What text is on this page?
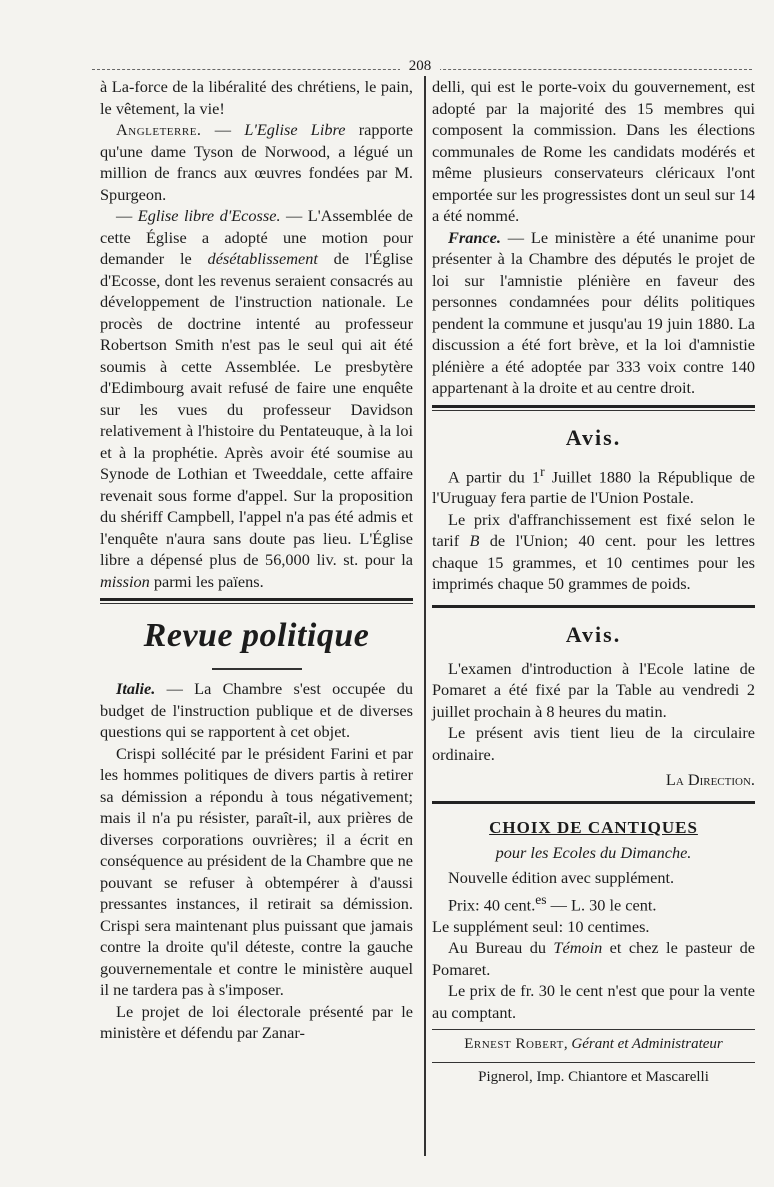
208

à La-force de la libéralité des chrétiens, le pain, le vêtement, la vie!

Angleterre. — L'Eglise Libre rapporte qu'une dame Tyson de Norwood, a légué un million de francs aux œuvres fondées par M. Spurgeon.

— Eglise libre d'Ecosse. — L'Assemblée de cette Église a adopté une motion pour demander le désétablissement de l'Église d'Ecosse, dont les revenus seraient consacrés au développement de l'instruction nationale. Le procès de doctrine intenté au professeur Robertson Smith n'est pas le seul qui ait été soumis à cette Assemblée. Le presbytère d'Edimbourg avait refusé de faire une enquête sur les vues du professeur Davidson relativement à l'histoire du Pentateuque, à la loi et à la prophétie. Après avoir été soumise au Synode de Lothian et Tweeddale, cette affaire revenait sous forme d'appel. Sur la proposition du shériff Campbell, l'appel n'a pas été admis et l'enquête n'aura sans doute pas lieu. L'Église libre a dépensé plus de 56,000 liv. st. pour la mission parmi les païens.

Revue politique

Italie. — La Chambre s'est occupée du budget de l'instruction publique et de diverses questions qui se rapportent à cet objet.

Crispi sollécité par le président Farini et par les hommes politiques de divers partis à retirer sa démission a répondu à tous négativement; mais il n'a pu résister, paraît-il, aux prières de diverses corporations ouvrières; il a écrit en conséquence au président de la Chambre que ne pouvant se refuser à obtempérer à d'aussi pressantes instances, il retirait sa démission. Crispi sera maintenant plus puissant que jamais contre la droite qu'il déteste, contre la gauche gouvernementale et contre le ministère auquel il ne tardera pas à s'imposer.

Le projet de loi électorale présenté par le ministère et défendu par Zanar-

delli, qui est le porte-voix du gouvernement, est adopté par la majorité des 15 membres qui composent la commission. Dans les élections communales de Rome les candidats modérés et même plusieurs conservateurs cléricaux l'ont emportée sur les progressistes dont un seul sur 14 a été nommé.

France. — Le ministère a été unanime pour présenter à la Chambre des députés le projet de loi sur l'amnistie plénière en faveur des personnes condamnées pour délits politiques pendent la commune et jusqu'au 19 juin 1880. La discussion a été fort brève, et la loi d'amnistie plénière a été adoptée par 333 voix contre 140 appartenant à la droite et au centre droit.

Avis.

A partir du 1$^r$ Juillet 1880 la République de l'Uruguay fera partie de l'Union Postale.

Le prix d'affranchissement est fixé selon le tarif B de l'Union; 40 cent. pour les lettres chaque 15 grammes, et 10 centimes pour les imprimés chaque 50 grammes de poids.

Avis.

L'examen d'introduction à l'Ecole latine de Pomaret a été fixé par la Table au vendredi 2 juillet prochain à 8 heures du matin.

Le présent avis tient lieu de la circulaire ordinaire.

La Direction.
CHOIX DE CANTIQUES
pour les Ecoles du Dimanche.

Nouvelle édition avec supplément.

Prix: 40 cent.$^{es}$ — L. 30 le cent.

Le supplément seul: 10 centimes.

Au Bureau du Témoin et chez le pasteur de Pomaret.

Le prix de fr. 30 le cent n'est que pour la vente au comptant.

Ernest Robert, Gérant et Administrateur
Pignerol, Imp. Chiantore et Mascarelli
